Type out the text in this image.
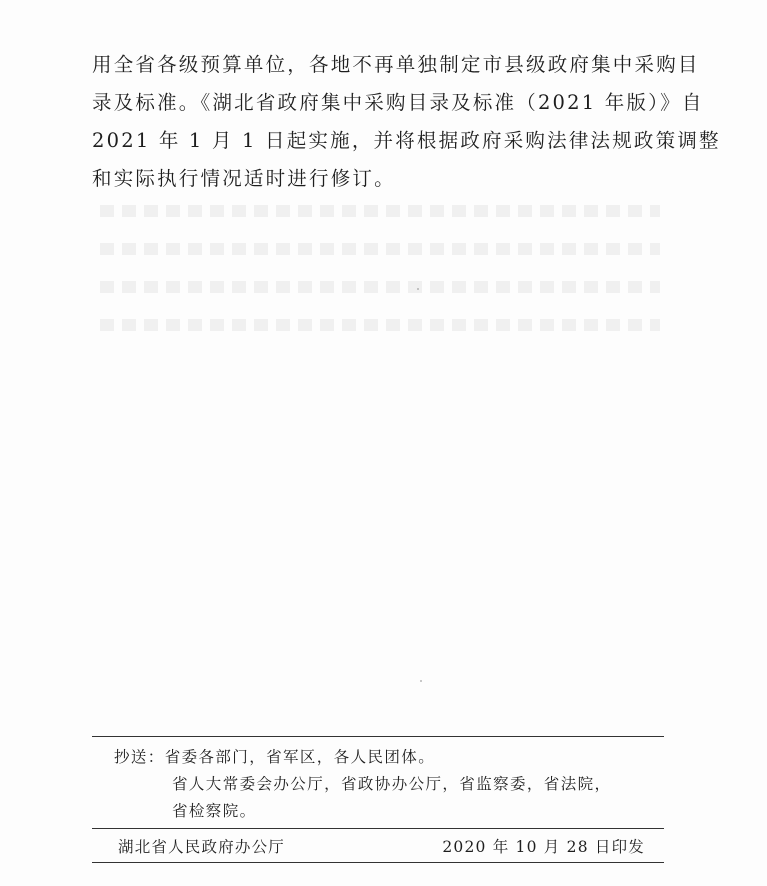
用全省各级预算单位，各地不再单独制定市县级政府集中采购目
录及标准。《湖北省政府集中采购目录及标准（2021 年版）》自
2021 年 1 月 1 日起实施，并将根据政府采购法律法规政策调整
和实际执行情况适时进行修订。
抄送：省委各部门，省军区，各人民团体。
省人大常委会办公厅，省政协办公厅，省监察委，省法院，
省检察院。
湖北省人民政府办公厅	2020 年 10 月 28 日印发
